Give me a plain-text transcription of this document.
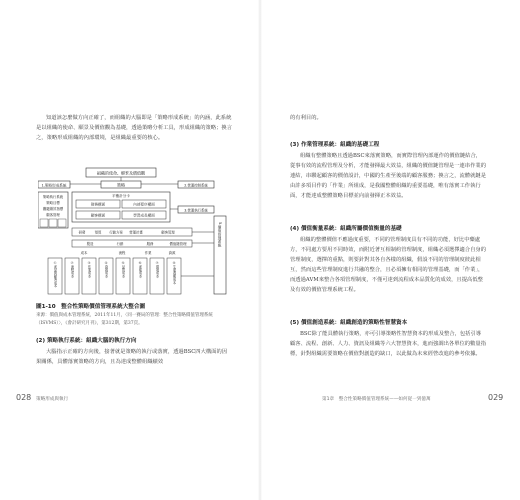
知道該怎麼做方向正確了，而組織的大腦即是「策略形成系統」的內涵，此系統是以組織的使命、願景及價值觀為基礎，透過策略分析工具，形成組織的策略；換言之，策略形成組織的內部環境，是組織最重要的核心。

組織的使命、願景及價值觀
策略
1.策略形成系統
策略執行系統
策略目標
關鍵績效指標
顧客管理
平衡計分卡
財務構面	內部程序構面
顧客構面	學習成長構面
2.營運控制系統
3.營運執行系統
研發	預算 行動方案 營運計畫	顧客管理
製造	行銷	服務	價值鏈管理
成本	流程	作業	資源
①產品與顧客成本	②流程成本	③作業成本	④資源成本	⑤品質成本	⑥產能成本	⑦環境成本	⑧生命週期成本
5.價值管理系統
圖1-10　整合性策略價值管理系統大整合圖
來源：價值與成本管理系統，2011年11月，〈同一賽局的管理：整合性策略價值管理系統（ISVMS）〉，《會計研究月刊》，第312期，第37頁。
(2) 策略執行系統：組織大腦的執行方向

大腦指示正確的方向後，接著就是策略的執行或落實，透過BSC四大構面的因果關係，具體落實策略的方向，且為達成整體組織績效

028 策略形成與執行

的有利目的。

(3) 作業管理系統：組織的基礎工程

組織有整體策略且透過BSC來落實策略，而實際管理內部運作的價值鏈結合，從事有效的流程管理及分析，才能發揮最大效益，組織的價值鏈管理是一連串作業的連結，串聯起顧客的價值設計，中國的生產至後端的顧客服務；換言之，流體就鏈是由許多項目作的「作業」所組成，是我國整體組織的重要基礎，唯有落實工作執行面，才能達成整體策略目標並向前發揮正本效益。

(4) 價值衡量系統：組織所屬價值衡量的基礎

組織的整體價值不應過度重要，不同的管理制度具有不同的功能，好比中藥處方，不同處方要用不同時效，而附近著互相制約管理制度，組織必須選擇適合自身的管理制度，選擇的重點，則要針對其各自各樣的組織，假設不同的管理制度彼此相互，然而這些管理制度進行共融的整合，且必須擁有相同的管理基礎，而「作業」，而透過AVM來整合各項管理制度，不僅可達到流程成本品質化的成效，且提高低整及有效的價值管理系統工程。

(5) 價值創造系統：組織創造的策略性智慧資本

BSC除了能具體執行策略，亦可引導策略性智慧資本的形成及整合，包括引導顧客、流程、創新、人力、資訊及組織等六大智慧資本，進而強調出各單位的數量指標，針對組織需要策略在價值對創造的缺口，以此做為未來經營改進的參考依據。

第1章　整合性策略價值管理系統——如何從一到億萬	029
